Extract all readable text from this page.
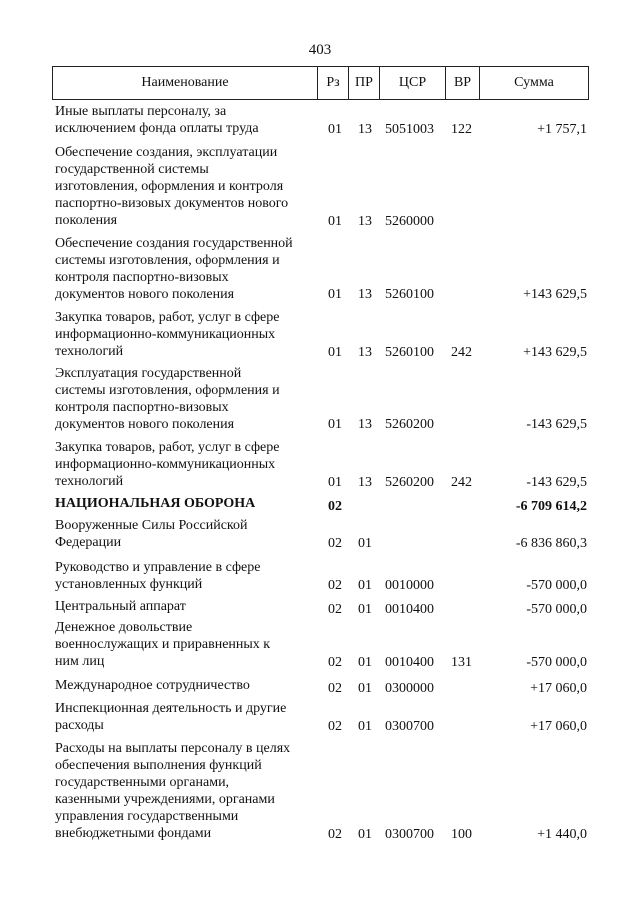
403
Наименование	Рз	ПР	ЦСР	ВР	Сумма
Иные выплаты персоналу, за
исключением фонда оплаты труда	01 13 5051003 122	+1 757,1
Обеспечение создания, эксплуатации
государственной системы
изготовления, оформления и контроля
паспортно-визовых документов нового
поколения	01 13 5260000
Обеспечение создания государственной
системы изготовления, оформления и
контроля паспортно-визовых
документов нового поколения	01 13 5260100	+143 629,5
Закупка товаров, работ, услуг в сфере
информационно-коммуникационных
технологий	01 13 5260100 242	+143 629,5
Эксплуатация государственной
системы изготовления, оформления и
контроля паспортно-визовых
документов нового поколения	01 13 5260200	-143 629,5
Закупка товаров, работ, услуг в сфере
информационно-коммуникационных
технологий	01 13 5260200 242	-143 629,5
НАЦИОНАЛЬНАЯ ОБОРОНА	02	-6 709 614,2
Вооруженные Силы Российской
Федерации	02 01	-6 836 860,3
Руководство и управление в сфере
установленных функций	02 01 0010000	-570 000,0
Центральный аппарат	02 01 0010400	-570 000,0
Денежное довольствие
военнослужащих и приравненных к
ним лиц	02 01 0010400 131	-570 000,0
Международное сотрудничество	02 01 0300000	+17 060,0
Инспекционная деятельность и другие
расходы	02 01 0300700	+17 060,0
Расходы на выплаты персоналу в целях
обеспечения выполнения функций
государственными органами,
казенными учреждениями, органами
управления государственными
внебюджетными фондами	02 01 0300700 100	+1 440,0
